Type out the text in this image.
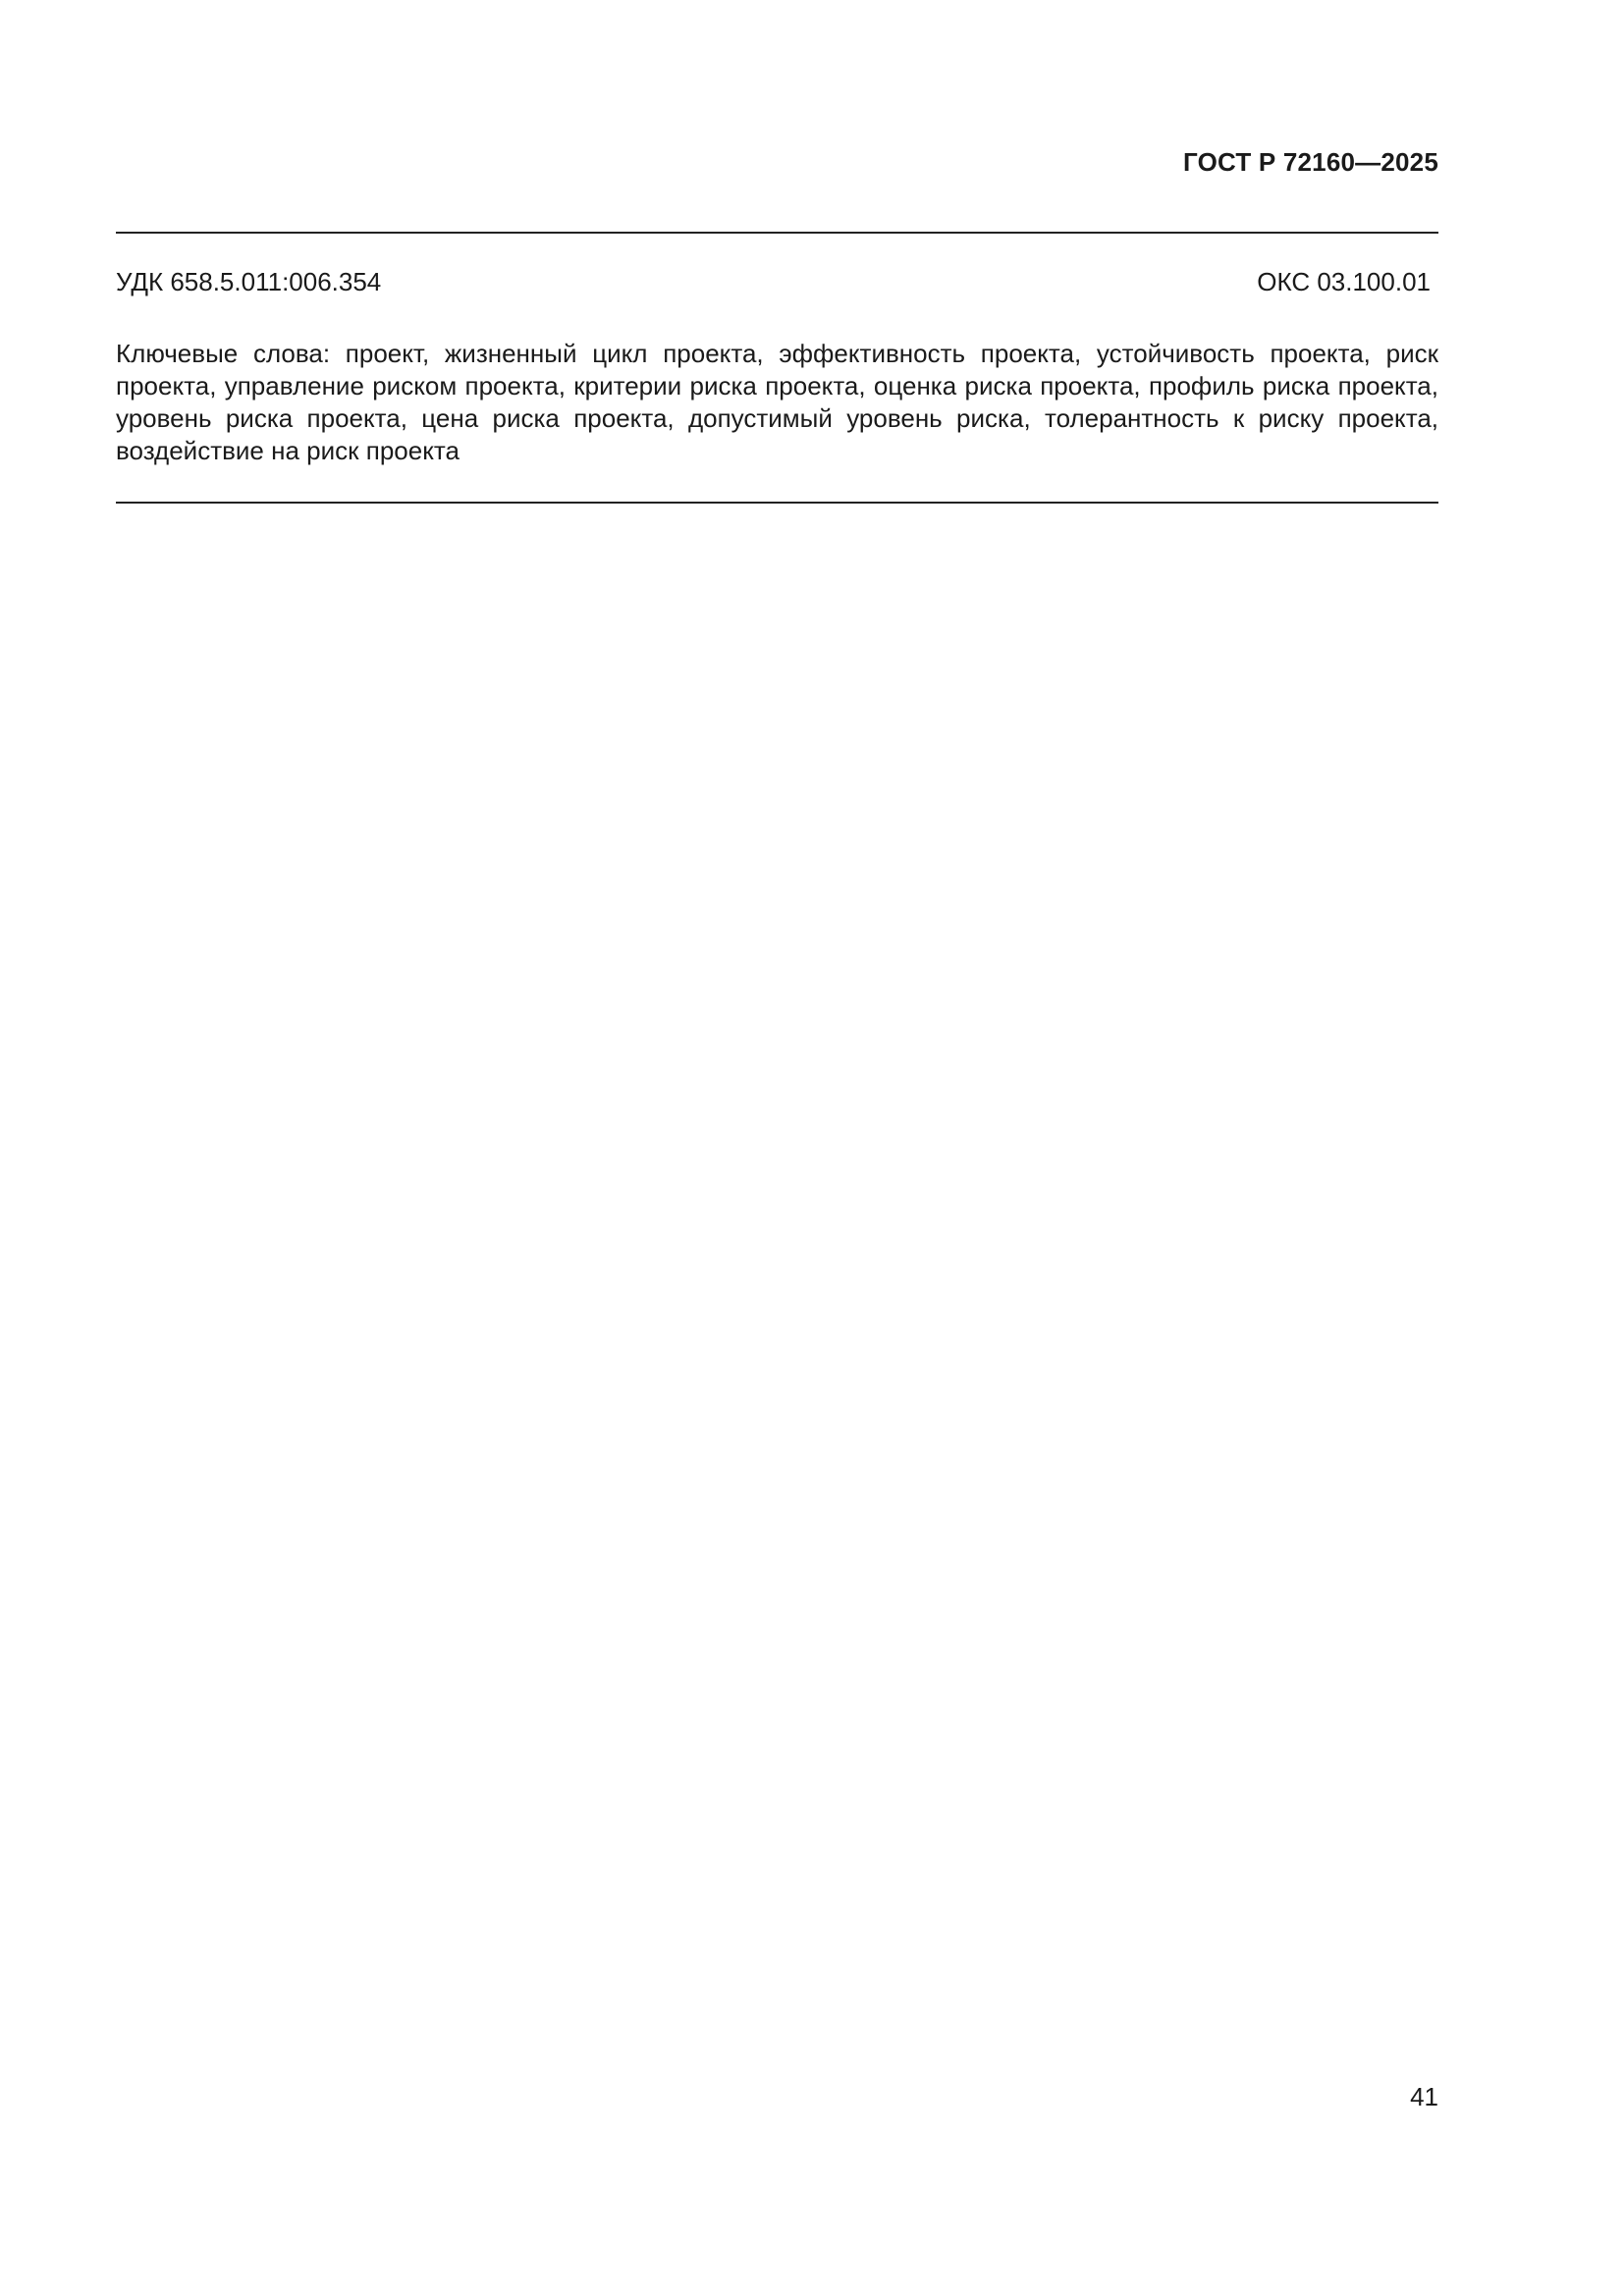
ГОСТ Р 72160—2025
УДК 658.5.011:006.354	ОКС 03.100.01
Ключевые слова: проект, жизненный цикл проекта, эффективность проекта, устойчивость проекта, риск проекта, управление риском проекта, критерии риска проекта, оценка риска проекта, профиль риска проекта, уровень риска проекта, цена риска проекта, допустимый уровень риска, толерантность к риску проекта, воздействие на риск проекта
41
